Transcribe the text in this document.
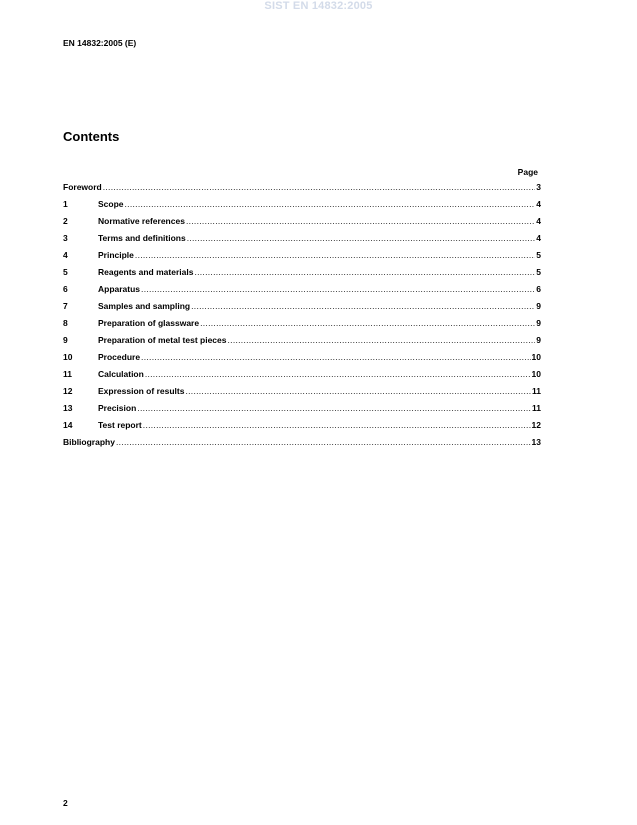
SIST EN 14832:2005
EN 14832:2005 (E)
Contents
Page
Foreword .....	3
1	Scope .....	4
2	Normative references .....	4
3	Terms and definitions .....	4
4	Principle .....	5
5	Reagents and materials .....	5
6	Apparatus .....	6
7	Samples and sampling .....	9
8	Preparation of glassware .....	9
9	Preparation of metal test pieces .....	9
10	Procedure .....	10
11	Calculation .....	10
12	Expression of results .....	11
13	Precision .....	11
14	Test report .....	12
Bibliography .....	13
2
